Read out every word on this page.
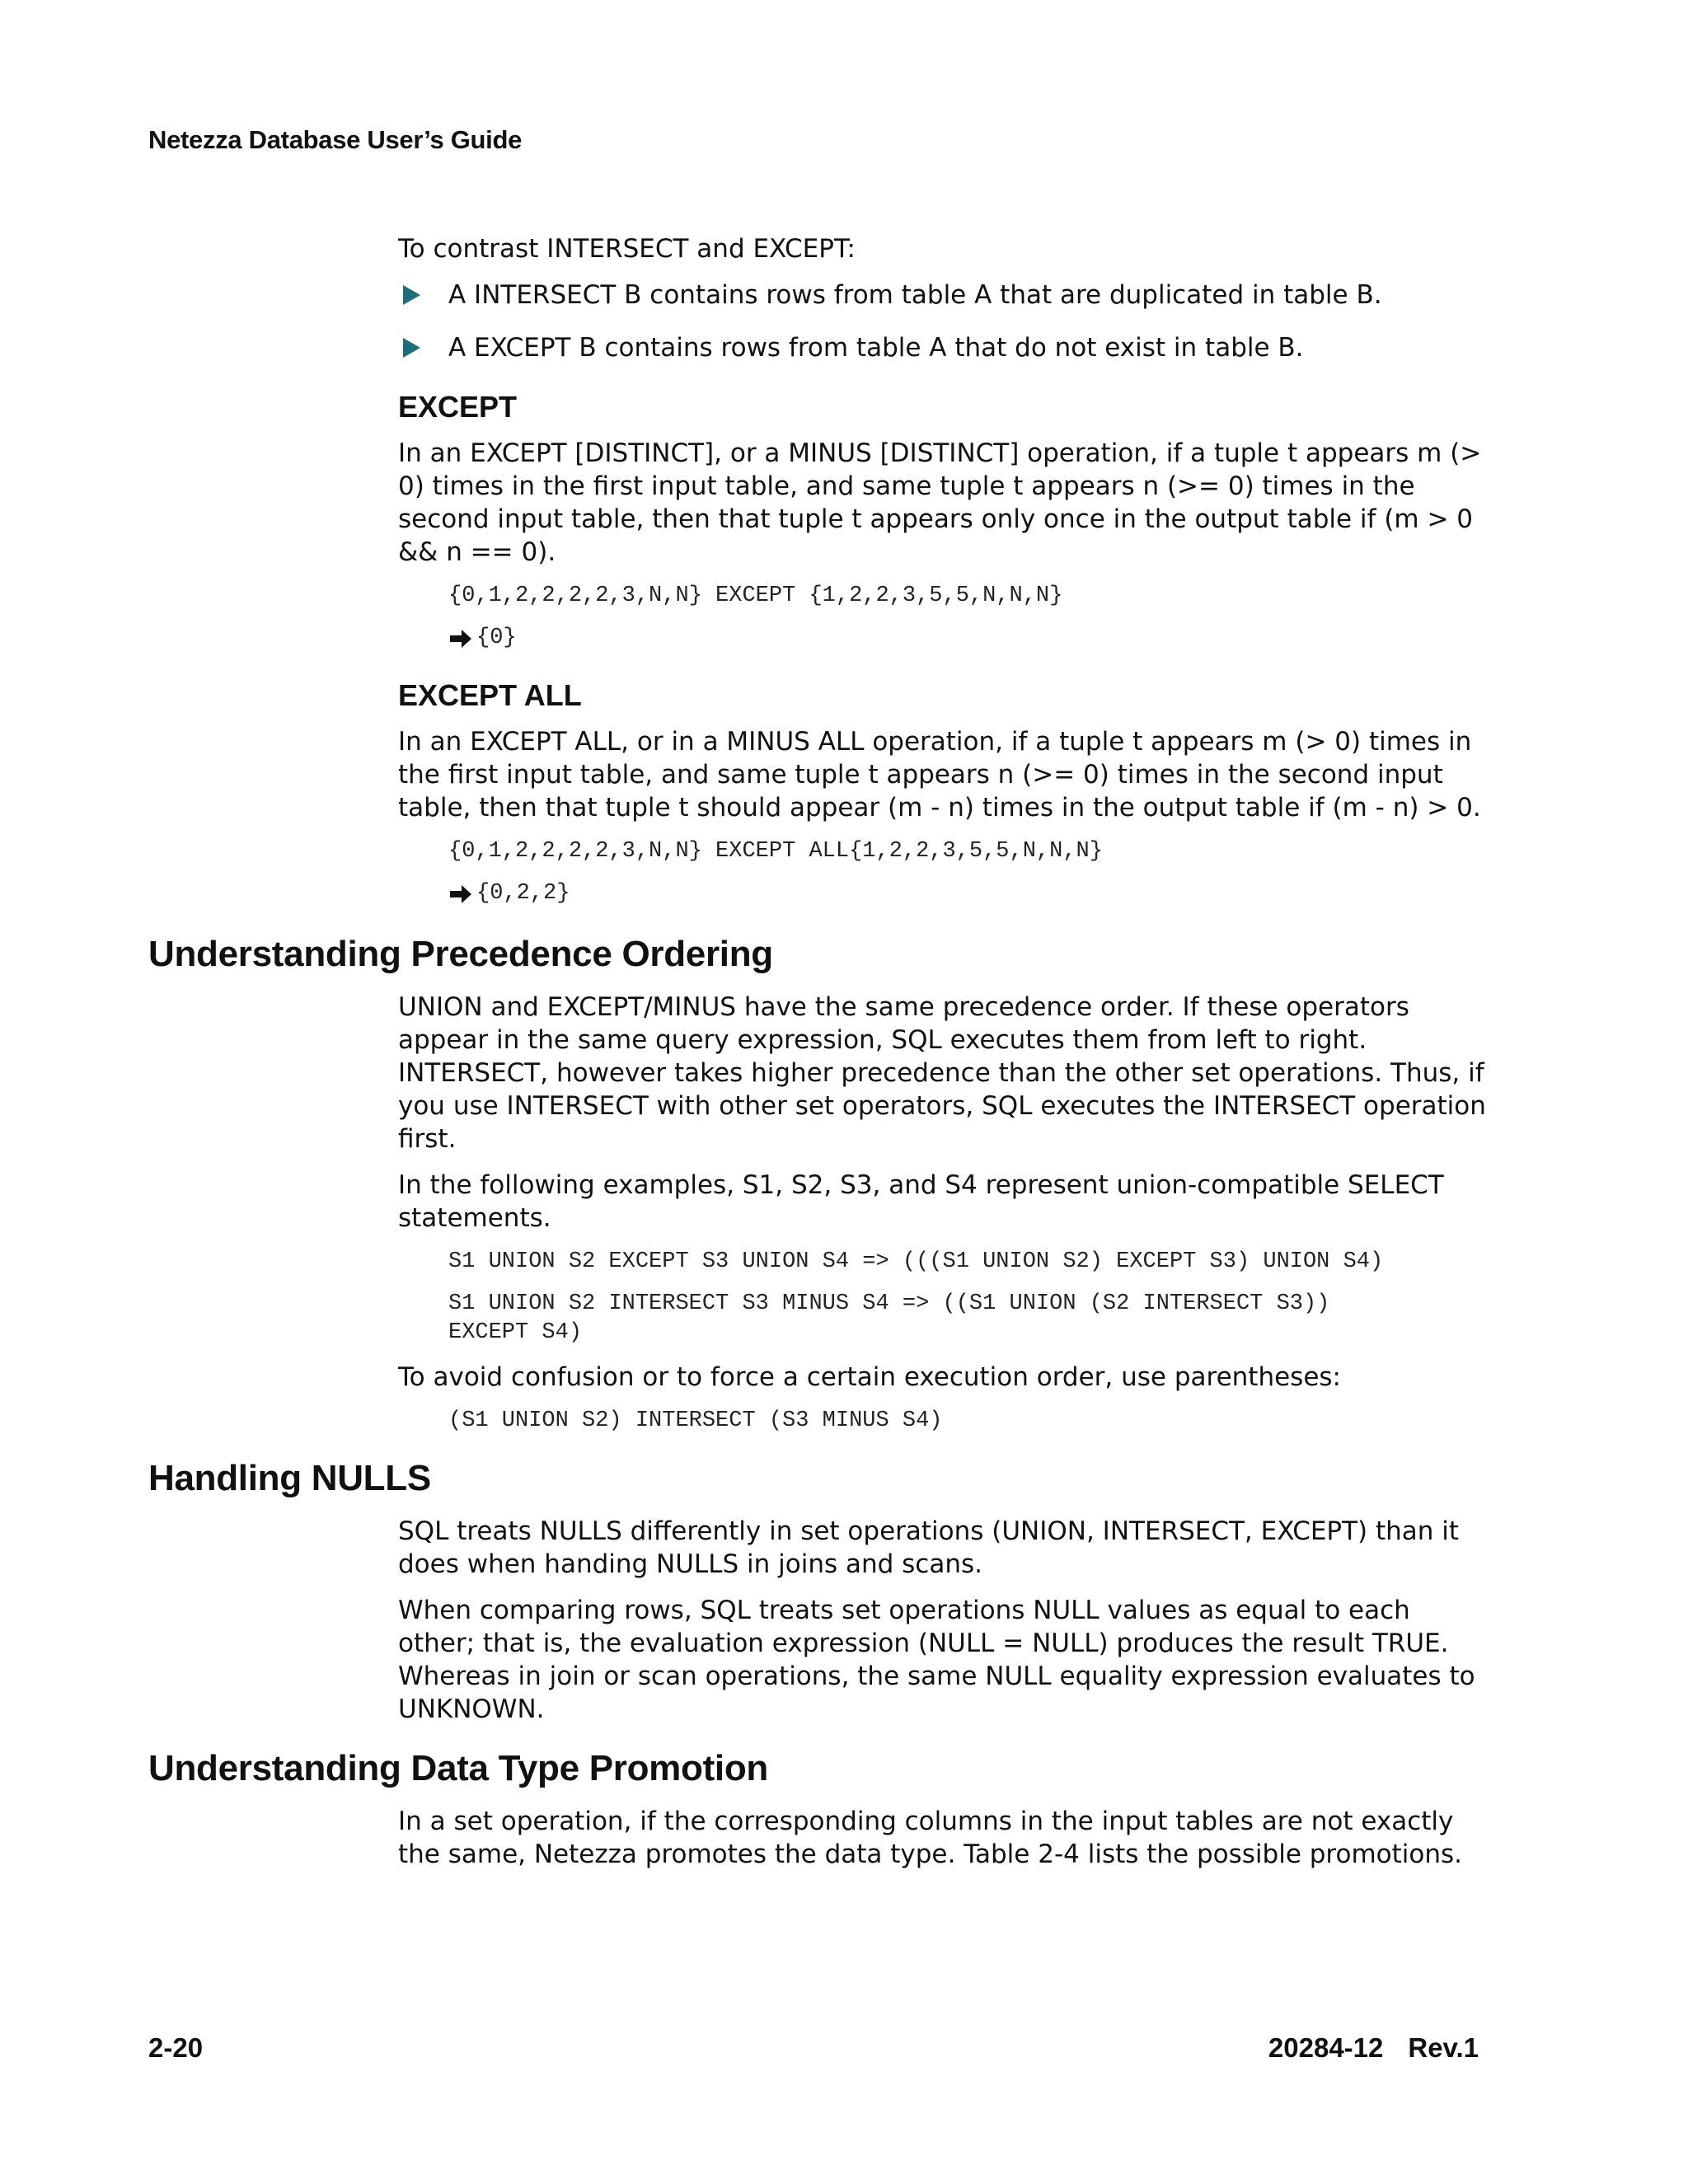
Netezza Database User’s Guide

To contrast INTERSECT and EXCEPT:

A INTERSECT B contains rows from table A that are duplicated in table B.
A EXCEPT B contains rows from table A that do not exist in table B.
EXCEPT

In an EXCEPT [DISTINCT], or a MINUS [DISTINCT] operation, if a tuple t appears m (> 0) times in the first input table, and same tuple t appears n (>= 0) times in the second input table, then that tuple t appears only once in the output table if (m > 0 && n == 0).

{0,1,2,2,2,2,3,N,N} EXCEPT {1,2,2,3,5,5,N,N,N}
{0}
EXCEPT ALL

In an EXCEPT ALL, or in a MINUS ALL operation, if a tuple t appears m (> 0) times in the first input table, and same tuple t appears n (>= 0) times in the second input table, then that tuple t should appear (m - n) times in the output table if (m - n) > 0.

{0,1,2,2,2,2,3,N,N} EXCEPT ALL{1,2,2,3,5,5,N,N,N}
{0,2,2}
Understanding Precedence Ordering

UNION and EXCEPT/MINUS have the same precedence order. If these operators appear in the same query expression, SQL executes them from left to right. INTERSECT, however takes higher precedence than the other set operations. Thus, if you use INTERSECT with other set operators, SQL executes the INTERSECT operation first.

In the following examples, S1, S2, S3, and S4 represent union-compatible SELECT statements.

S1 UNION S2 EXCEPT S3 UNION S4 => (((S1 UNION S2) EXCEPT S3) UNION S4)
S1 UNION S2 INTERSECT S3 MINUS S4 => ((S1 UNION (S2 INTERSECT S3))
EXCEPT S4)

To avoid confusion or to force a certain execution order, use parentheses:

(S1 UNION S2) INTERSECT (S3 MINUS S4)
Handling NULLS

SQL treats NULLS differently in set operations (UNION, INTERSECT, EXCEPT) than it does when handing NULLS in joins and scans.

When comparing rows, SQL treats set operations NULL values as equal to each other; that is, the evaluation expression (NULL = NULL) produces the result TRUE. Whereas in join or scan operations, the same NULL equality expression evaluates to UNKNOWN.

Understanding Data Type Promotion

In a set operation, if the corresponding columns in the input tables are not exactly the same, Netezza promotes the data type. Table 2-4 lists the possible promotions.

2-20	20284-12 Rev.1
